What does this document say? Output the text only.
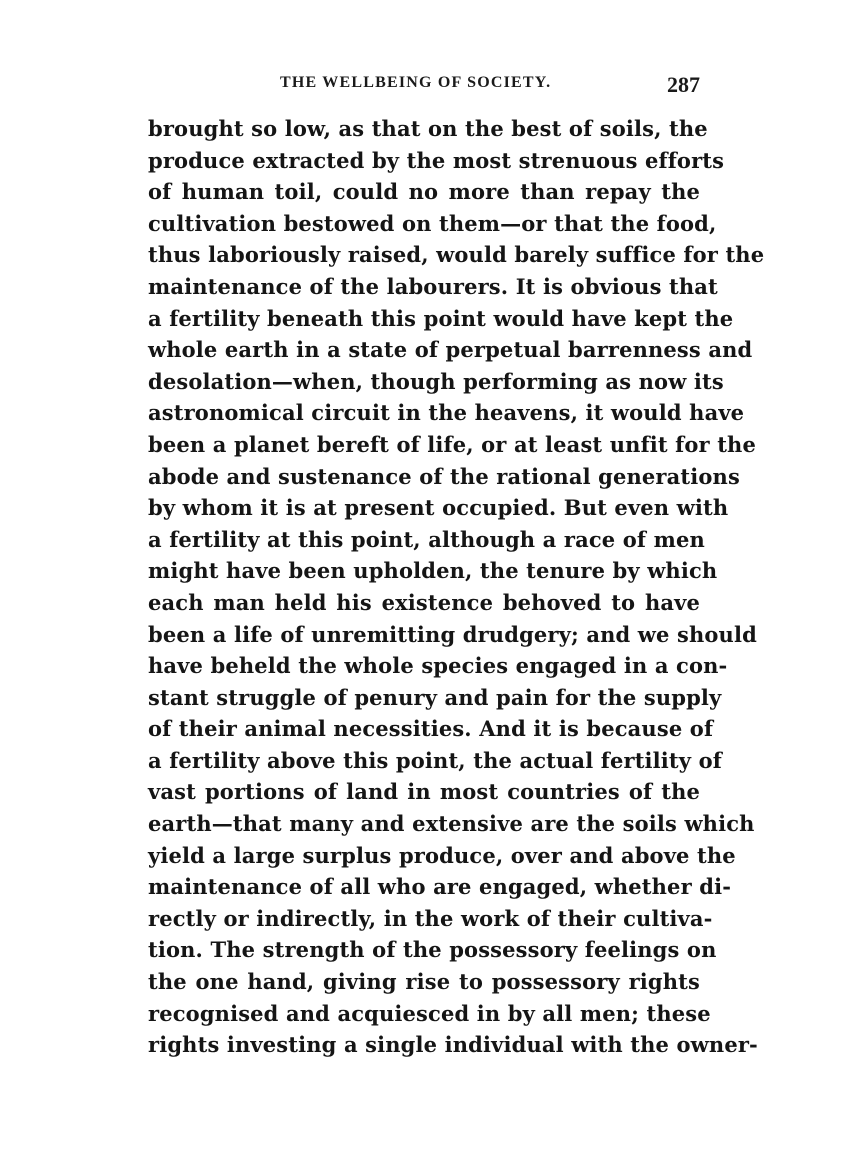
THE WELLBEING OF SOCIETY.	287
brought so low, as that on the best of soils, the
produce extracted by the most strenuous efforts
of human toil, could no more than repay the
cultivation bestowed on them—or that the food,
thus laboriously raised, would barely suffice for the
maintenance of the labourers. It is obvious that
a fertility beneath this point would have kept the
whole earth in a state of perpetual barrenness and
desolation—when, though performing as now its
astronomical circuit in the heavens, it would have
been a planet bereft of life, or at least unfit for the
abode and sustenance of the rational generations
by whom it is at present occupied. But even with
a fertility at this point, although a race of men
might have been upholden, the tenure by which
each man held his existence behoved to have
been a life of unremitting drudgery; and we should
have beheld the whole species engaged in a con-
stant struggle of penury and pain for the supply
of their animal necessities. And it is because of
a fertility above this point, the actual fertility of
vast portions of land in most countries of the
earth—that many and extensive are the soils which
yield a large surplus produce, over and above the
maintenance of all who are engaged, whether di-
rectly or indirectly, in the work of their cultiva-
tion. The strength of the possessory feelings on
the one hand, giving rise to possessory rights
recognised and acquiesced in by all men; these
rights investing a single individual with the owner-
